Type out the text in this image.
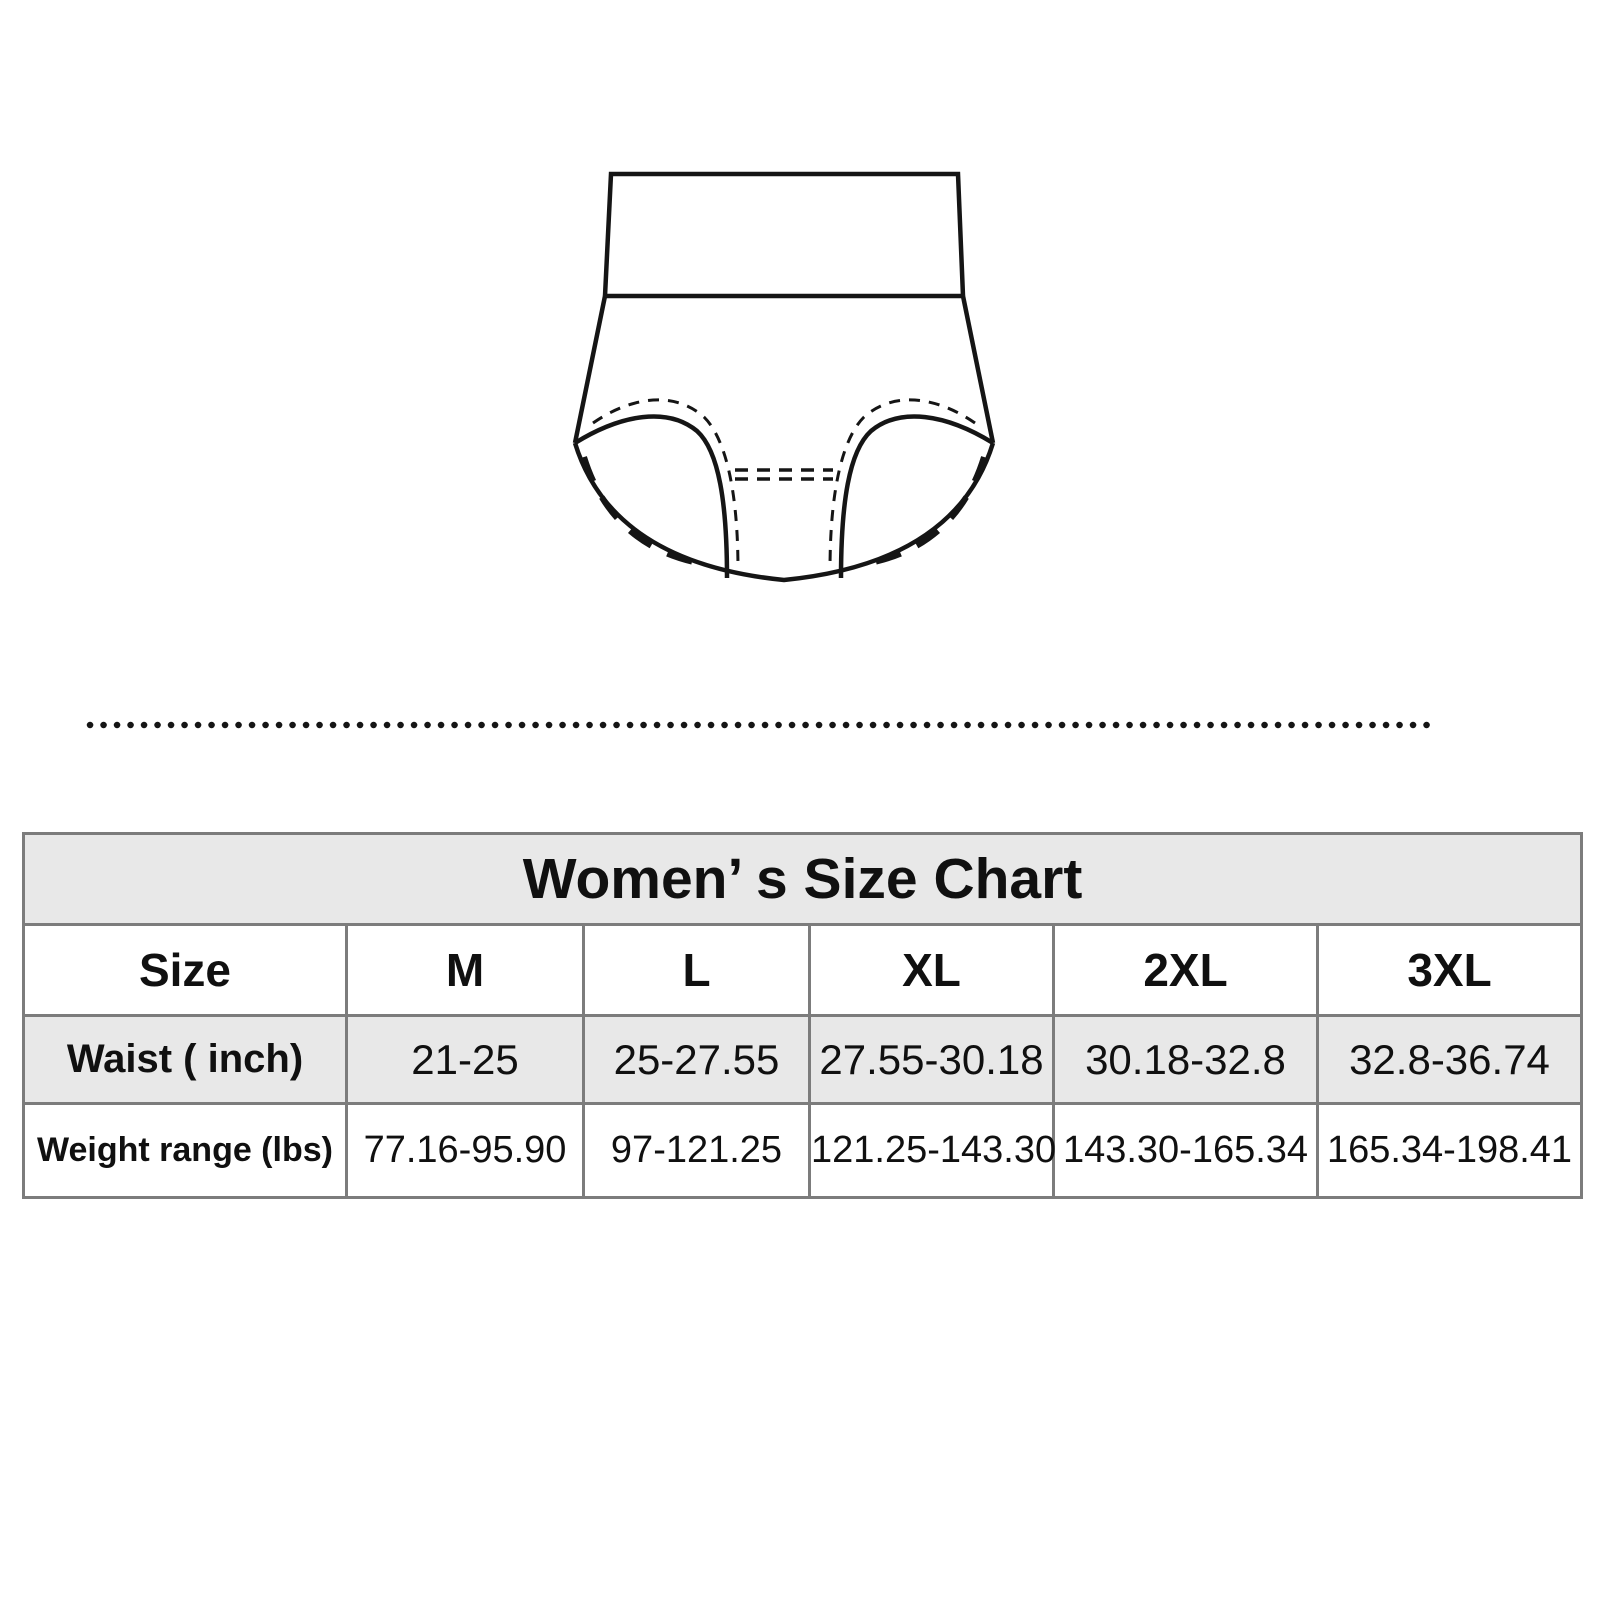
Women’ s Size Chart					
Size	M	L	XL	2XL	3XL
Waist ( inch)	21-25	25-27.55	27.55-30.18	30.18-32.8	32.8-36.74
Weight range (lbs)	77.16-95.90	97-121.25	121.25-143.30	143.30-165.34	165.34-198.41
